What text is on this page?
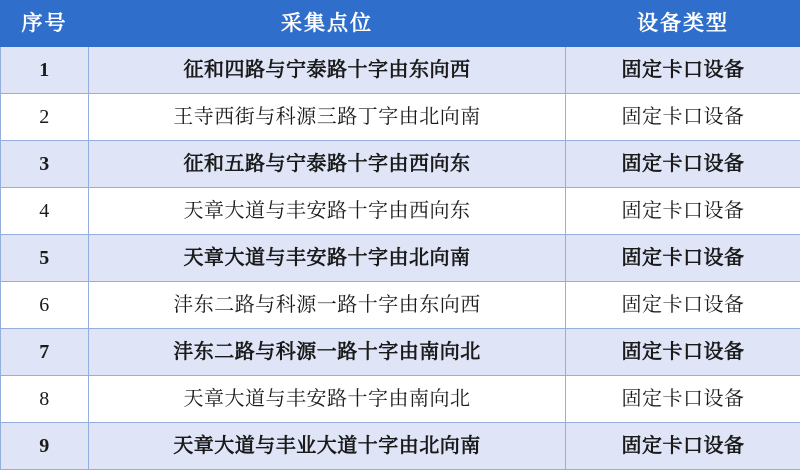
序号	采集点位	设备类型
1	征和四路与宁泰路十字由东向西	固定卡口设备
2	王寺西街与科源三路丁字由北向南	固定卡口设备
3	征和五路与宁泰路十字由西向东	固定卡口设备
4	天章大道与丰安路十字由西向东	固定卡口设备
5	天章大道与丰安路十字由北向南	固定卡口设备
6	沣东二路与科源一路十字由东向西	固定卡口设备
7	沣东二路与科源一路十字由南向北	固定卡口设备
8	天章大道与丰安路十字由南向北	固定卡口设备
9	天章大道与丰业大道十字由北向南	固定卡口设备
